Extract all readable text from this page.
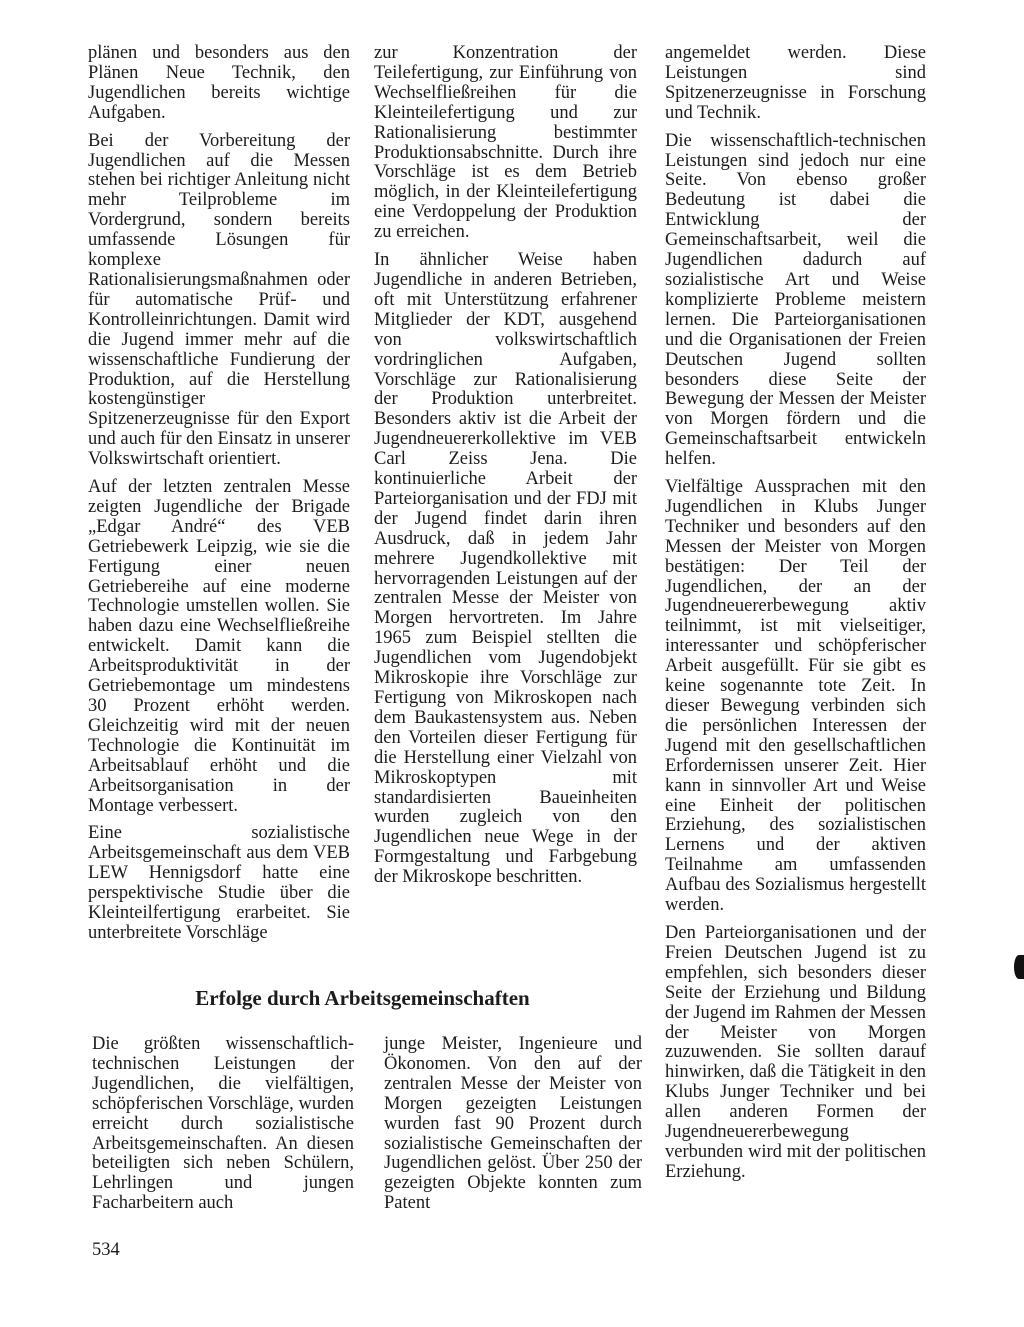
plänen und besonders aus den Plänen Neue Technik, den Jugendlichen bereits wichtige Aufgaben.

Bei der Vorbereitung der Jugendlichen auf die Messen stehen bei richtiger Anleitung nicht mehr Teilprobleme im Vordergrund, sondern bereits umfassende Lösungen für komplexe Rationalisierungsmaßnahmen oder für automatische Prüf- und Kontrolleinrichtungen. Damit wird die Jugend immer mehr auf die wissenschaftliche Fundierung der Produktion, auf die Herstellung kostengünstiger Spitzenerzeugnisse für den Export und auch für den Einsatz in unserer Volkswirtschaft orientiert.

Auf der letzten zentralen Messe zeigten Jugendliche der Brigade „Edgar André“ des VEB Getriebewerk Leipzig, wie sie die Fertigung einer neuen Getriebereihe auf eine moderne Technologie umstellen wollen. Sie haben dazu eine Wechselfließreihe entwickelt. Damit kann die Arbeitsproduktivität in der Getriebemontage um mindestens 30 Prozent erhöht werden. Gleichzeitig wird mit der neuen Technologie die Kontinuität im Arbeitsablauf erhöht und die Arbeitsorganisation in der Montage verbessert.

Eine sozialistische Arbeitsgemeinschaft aus dem VEB LEW Hennigsdorf hatte eine perspektivische Studie über die Kleinteilfertigung erarbeitet. Sie unterbreitete Vorschläge

zur Konzentration der Teilefertigung, zur Einführung von Wechselfließreihen für die Kleinteilefertigung und zur Rationalisierung bestimmter Produktionsabschnitte. Durch ihre Vorschläge ist es dem Betrieb möglich, in der Kleinteilefertigung eine Verdoppelung der Produktion zu erreichen.

In ähnlicher Weise haben Jugendliche in anderen Betrieben, oft mit Unterstützung erfahrener Mitglieder der KDT, ausgehend von volkswirtschaftlich vordringlichen Aufgaben, Vorschläge zur Rationalisierung der Produktion unterbreitet. Besonders aktiv ist die Arbeit der Jugendneuererkollektive im VEB Carl Zeiss Jena. Die kontinuierliche Arbeit der Parteiorganisation und der FDJ mit der Jugend findet darin ihren Ausdruck, daß in jedem Jahr mehrere Jugendkollektive mit hervorragenden Leistungen auf der zentralen Messe der Meister von Morgen hervortreten. Im Jahre 1965 zum Beispiel stellten die Jugendlichen vom Jugendobjekt Mikroskopie ihre Vorschläge zur Fertigung von Mikroskopen nach dem Baukastensystem aus. Neben den Vorteilen dieser Fertigung für die Herstellung einer Vielzahl von Mikroskoptypen mit standardisierten Baueinheiten wurden zugleich von den Jugendlichen neue Wege in der Formgestaltung und Farbgebung der Mikroskope beschritten.

angemeldet werden. Diese Leistungen sind Spitzenerzeugnisse in Forschung und Technik.

Die wissenschaftlich-technischen Leistungen sind jedoch nur eine Seite. Von ebenso großer Bedeutung ist dabei die Entwicklung der Gemeinschaftsarbeit, weil die Jugendlichen dadurch auf sozialistische Art und Weise komplizierte Probleme meistern lernen. Die Parteiorganisationen und die Organisationen der Freien Deutschen Jugend sollten besonders diese Seite der Bewegung der Messen der Meister von Morgen fördern und die Gemeinschaftsarbeit entwickeln helfen.

Vielfältige Aussprachen mit den Jugendlichen in Klubs Junger Techniker und besonders auf den Messen der Meister von Morgen bestätigen: Der Teil der Jugendlichen, der an der Jugendneuererbewegung aktiv teilnimmt, ist mit vielseitiger, interessanter und schöpferischer Arbeit ausgefüllt. Für sie gibt es keine sogenannte tote Zeit. In dieser Bewegung verbinden sich die persönlichen Interessen der Jugend mit den gesellschaftlichen Erfordernissen unserer Zeit. Hier kann in sinnvoller Art und Weise eine Einheit der politischen Erziehung, des sozialistischen Lernens und der aktiven Teilnahme am umfassenden Aufbau des Sozialismus hergestellt werden.

Den Parteiorganisationen und der Freien Deutschen Jugend ist zu empfehlen, sich besonders dieser Seite der Erziehung und Bildung der Jugend im Rahmen der Messen der Meister von Morgen zuzuwenden. Sie sollten darauf hinwirken, daß die Tätigkeit in den Klubs Junger Techniker und bei allen anderen Formen der Jugendneuererbewegung verbunden wird mit der politischen Erziehung.

Erfolge durch Arbeitsgemeinschaften

Die größten wissenschaftlich-technischen Leistungen der Jugendlichen, die vielfältigen, schöpferischen Vorschläge, wurden erreicht durch sozialistische Arbeitsgemeinschaften. An diesen beteiligten sich neben Schülern, Lehrlingen und jungen Facharbeitern auch

junge Meister, Ingenieure und Ökonomen. Von den auf der zentralen Messe der Meister von Morgen gezeigten Leistungen wurden fast 90 Prozent durch sozialistische Gemeinschaften der Jugendlichen gelöst. Über 250 der gezeigten Objekte konnten zum Patent

534
